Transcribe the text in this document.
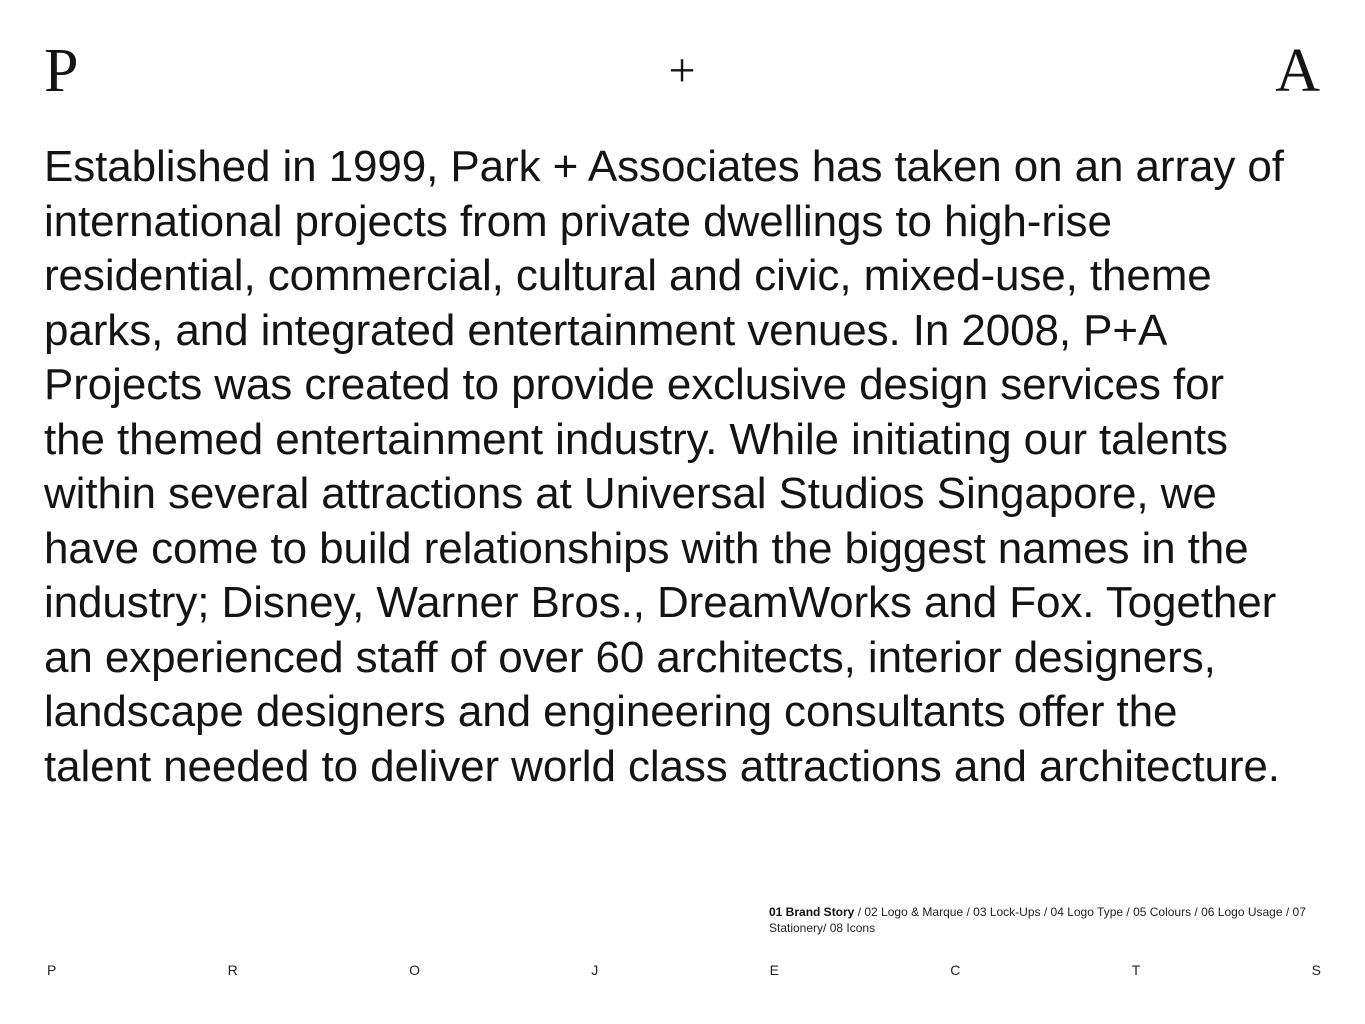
P	+	A

Established in 1999, Park + Associates has taken on an array of international projects from private dwellings to high-rise residential, commercial, cultural and civic, mixed-use, theme parks, and integrated entertainment venues. In 2008, P+A Projects was created to provide exclusive design services for the themed entertainment industry. While initiating our talents within several attractions at Universal Studios Singapore, we have come to build relationships with the biggest names in the industry; Disney, Warner Bros., DreamWorks and Fox. Together an experienced staff of over 60 architects, interior designers, landscape designers and engineering consultants offer the talent needed to deliver world class attractions and architecture.

01 Brand Story / 02 Logo & Marque / 03 Lock-Ups / 04 Logo Type / 05 Colours / 06 Logo Usage / 07 Stationery/ 08 Icons
P	R	O	J	E	C	T	S
